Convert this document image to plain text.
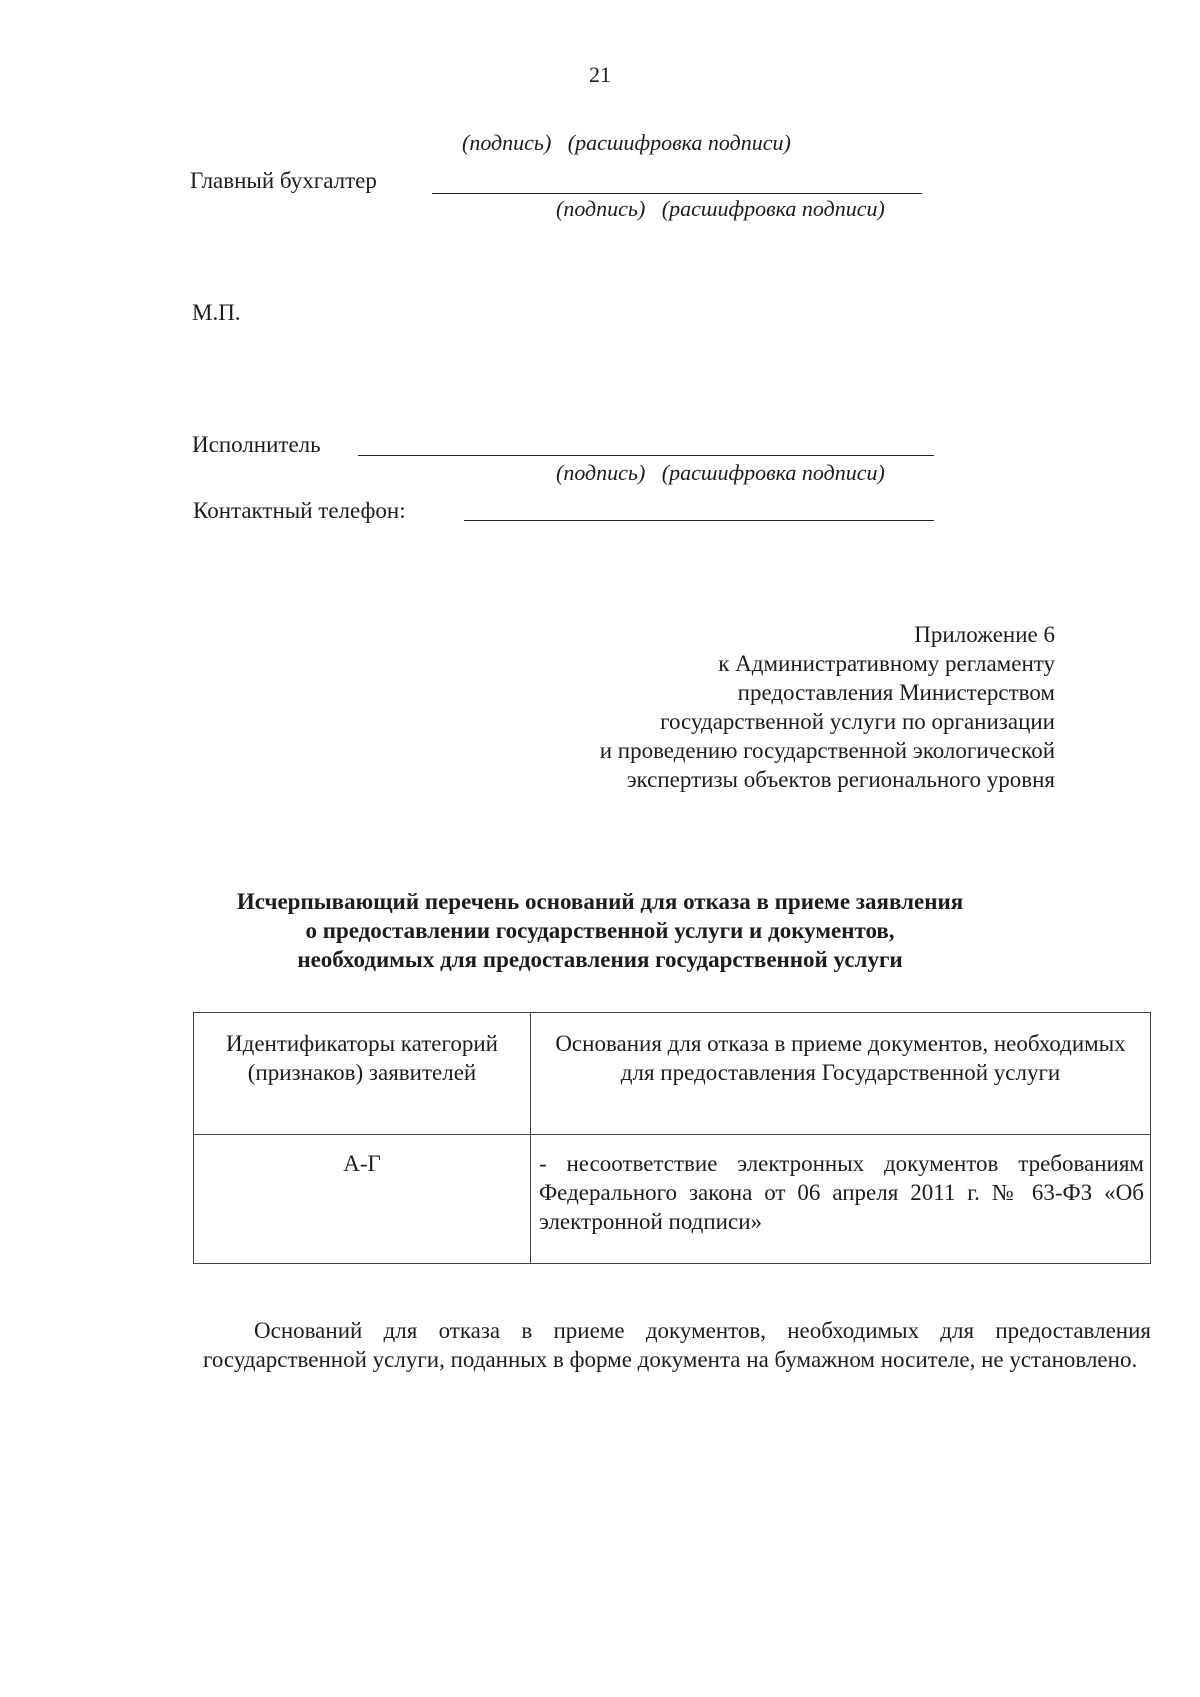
21
(подпись) (расшифровка подписи)
Главный бухгалтер
(подпись) (расшифровка подписи)
М.П.
Исполнитель
(подпись) (расшифровка подписи)
Контактный телефон:
Приложение 6
к Административному регламенту
предоставления Министерством
государственной услуги по организации
и проведению государственной экологической
экспертизы объектов регионального уровня
Исчерпывающий перечень оснований для отказа в приеме заявления
о предоставлении государственной услуги и документов,
необходимых для предоставления государственной услуги
Идентификаторы категорий (признаков) заявителей	Основания для отказа в приеме документов, необходимых для предоставления Государственной услуги
А-Г	- несоответствие электронных документов требованиям Федерального закона от 06 апреля 2011 г. № 63-ФЗ «Об электронной подписи»
Оснований для отказа в приеме документов, необходимых для предоставления государственной услуги, поданных в форме документа на бумажном носителе, не установлено.
